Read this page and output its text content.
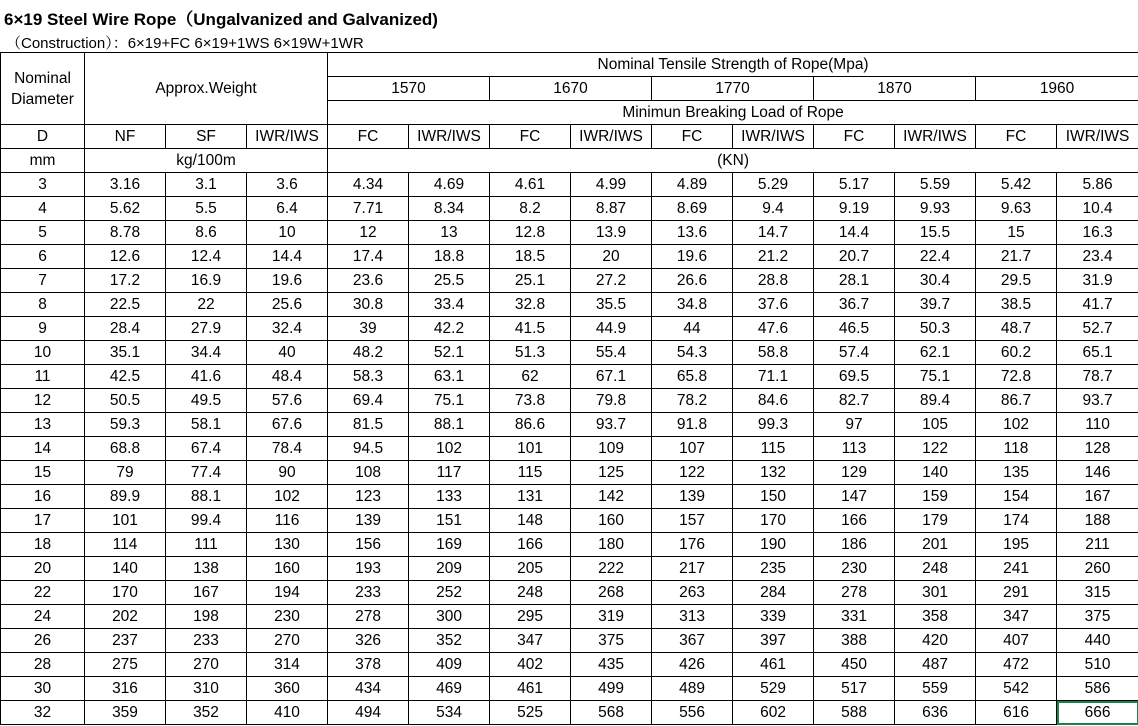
6×19 Steel Wire Rope（Ungalvanized and Galvanized)
（Construction）：6×19+FC 6×19+1WS 6×19W+1WR
Nominal Diameter	Approx.Weight			Nominal Tensile Strength of Rope(Mpa)									
				1570		1670		1770		1870		1960	
				Minimun Breaking Load of Rope									
D	NF	SF	IWR/IWS	FC	IWR/IWS	FC	IWR/IWS	FC	IWR/IWS	FC	IWR/IWS	FC	IWR/IWS
mm	kg/100m			(KN)									
3	3.16	3.1	3.6	4.34	4.69	4.61	4.99	4.89	5.29	5.17	5.59	5.42	5.86
4	5.62	5.5	6.4	7.71	8.34	8.2	8.87	8.69	9.4	9.19	9.93	9.63	10.4
5	8.78	8.6	10	12	13	12.8	13.9	13.6	14.7	14.4	15.5	15	16.3
6	12.6	12.4	14.4	17.4	18.8	18.5	20	19.6	21.2	20.7	22.4	21.7	23.4
7	17.2	16.9	19.6	23.6	25.5	25.1	27.2	26.6	28.8	28.1	30.4	29.5	31.9
8	22.5	22	25.6	30.8	33.4	32.8	35.5	34.8	37.6	36.7	39.7	38.5	41.7
9	28.4	27.9	32.4	39	42.2	41.5	44.9	44	47.6	46.5	50.3	48.7	52.7
10	35.1	34.4	40	48.2	52.1	51.3	55.4	54.3	58.8	57.4	62.1	60.2	65.1
11	42.5	41.6	48.4	58.3	63.1	62	67.1	65.8	71.1	69.5	75.1	72.8	78.7
12	50.5	49.5	57.6	69.4	75.1	73.8	79.8	78.2	84.6	82.7	89.4	86.7	93.7
13	59.3	58.1	67.6	81.5	88.1	86.6	93.7	91.8	99.3	97	105	102	110
14	68.8	67.4	78.4	94.5	102	101	109	107	115	113	122	118	128
15	79	77.4	90	108	117	115	125	122	132	129	140	135	146
16	89.9	88.1	102	123	133	131	142	139	150	147	159	154	167
17	101	99.4	116	139	151	148	160	157	170	166	179	174	188
18	114	111	130	156	169	166	180	176	190	186	201	195	211
20	140	138	160	193	209	205	222	217	235	230	248	241	260
22	170	167	194	233	252	248	268	263	284	278	301	291	315
24	202	198	230	278	300	295	319	313	339	331	358	347	375
26	237	233	270	326	352	347	375	367	397	388	420	407	440
28	275	270	314	378	409	402	435	426	461	450	487	472	510
30	316	310	360	434	469	461	499	489	529	517	559	542	586
32	359	352	410	494	534	525	568	556	602	588	636	616	666
